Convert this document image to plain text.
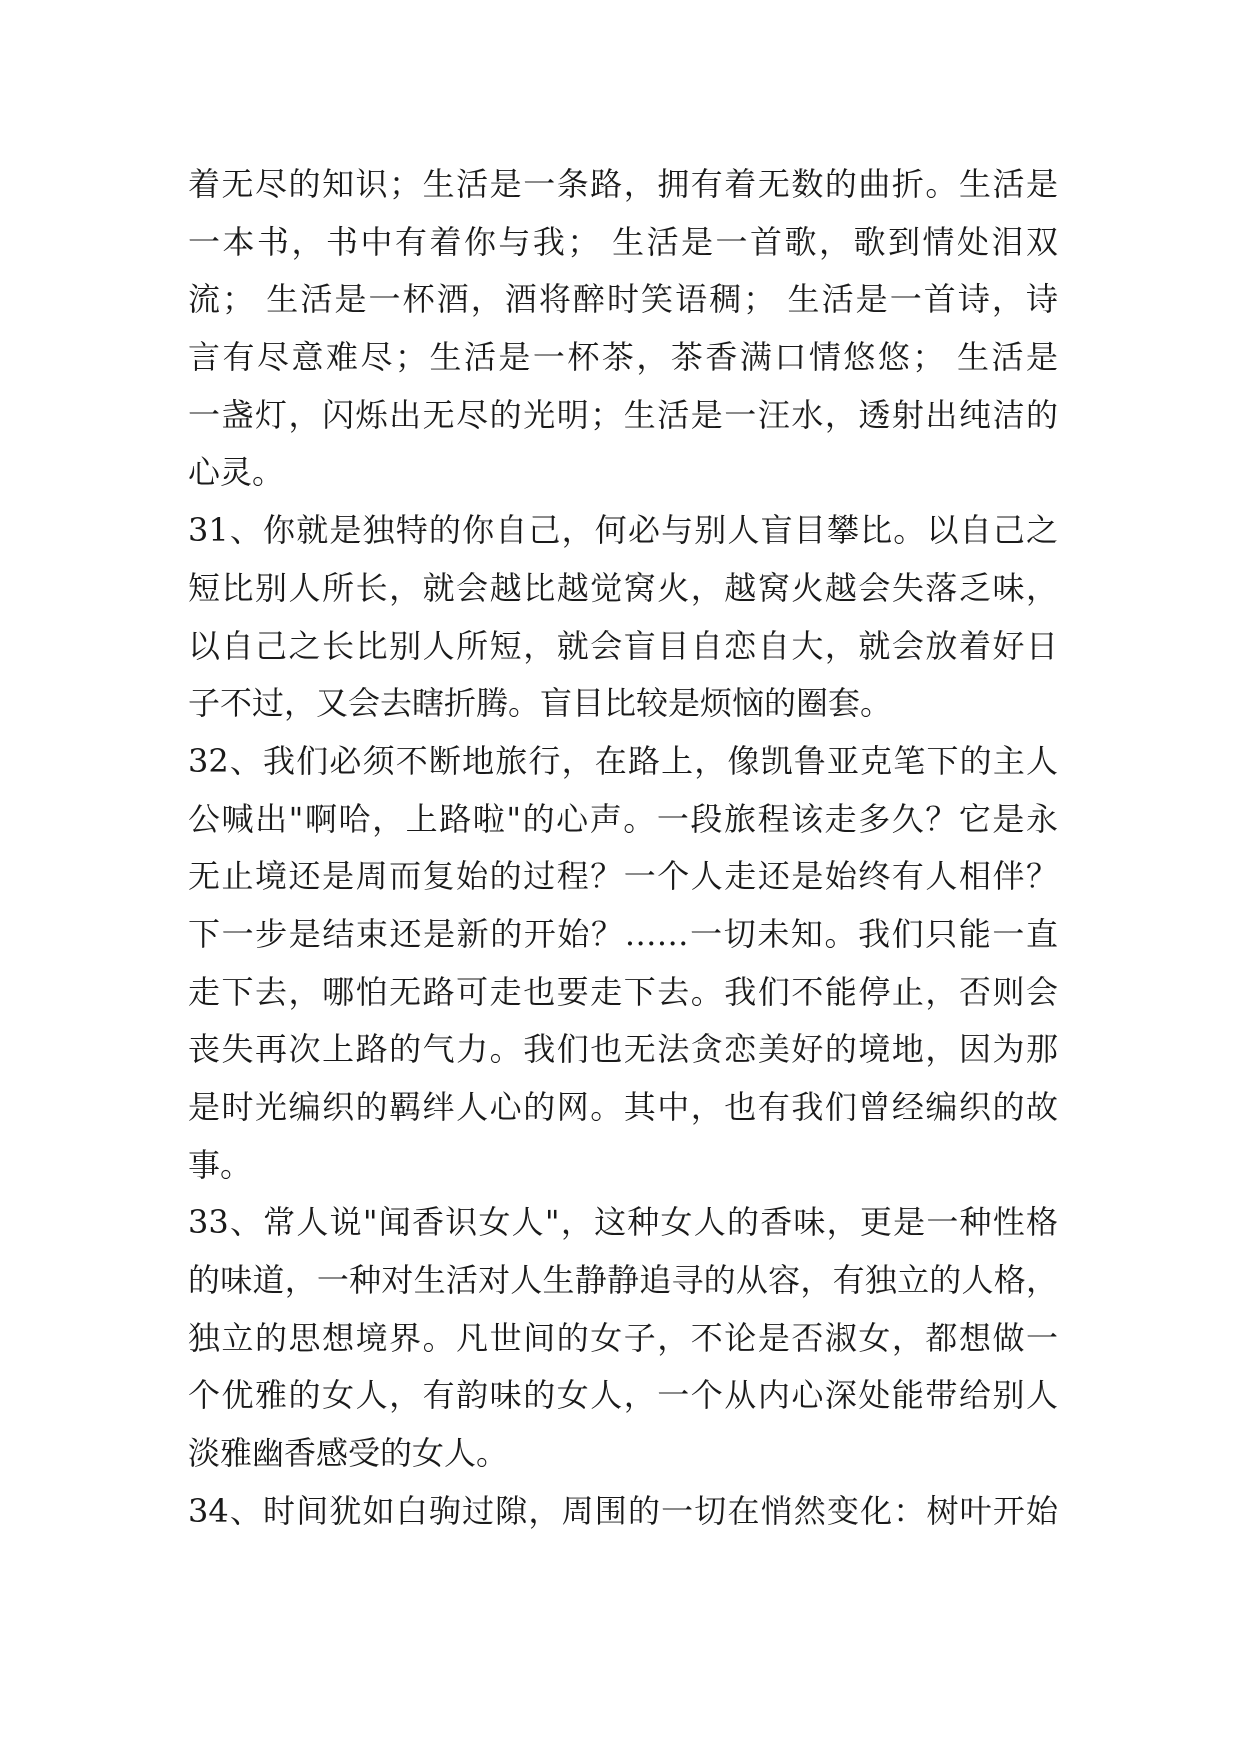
着无尽的知识；生活是一条路，拥有着无数的曲折。生活是
一本书，书中有着你与我； 生活是一首歌，歌到情处泪双
流； 生活是一杯酒，酒将醉时笑语稠； 生活是一首诗，诗
言有尽意难尽；生活是一杯茶，茶香满口情悠悠； 生活是
一盏灯，闪烁出无尽的光明；生活是一汪水，透射出纯洁的
心灵。
31、你就是独特的你自己，何必与别人盲目攀比。以自己之
短比别人所长，就会越比越觉窝火，越窝火越会失落乏味，
以自己之长比别人所短，就会盲目自恋自大，就会放着好日
子不过，又会去瞎折腾。盲目比较是烦恼的圈套。
32、我们必须不断地旅行，在路上，像凯鲁亚克笔下的主人
公喊出"啊哈，上路啦"的心声。一段旅程该走多久？它是永
无止境还是周而复始的过程？一个人走还是始终有人相伴？
下一步是结束还是新的开始？……一切未知。我们只能一直
走下去，哪怕无路可走也要走下去。我们不能停止，否则会
丧失再次上路的气力。我们也无法贪恋美好的境地，因为那
是时光编织的羁绊人心的网。其中，也有我们曾经编织的故
事。
33、常人说"闻香识女人"，这种女人的香味，更是一种性格
的味道，一种对生活对人生静静追寻的从容，有独立的人格，
独立的思想境界。凡世间的女子，不论是否淑女，都想做一
个优雅的女人，有韵味的女人，一个从内心深处能带给别人
淡雅幽香感受的女人。
34、时间犹如白驹过隙，周围的一切在悄然变化：树叶开始
